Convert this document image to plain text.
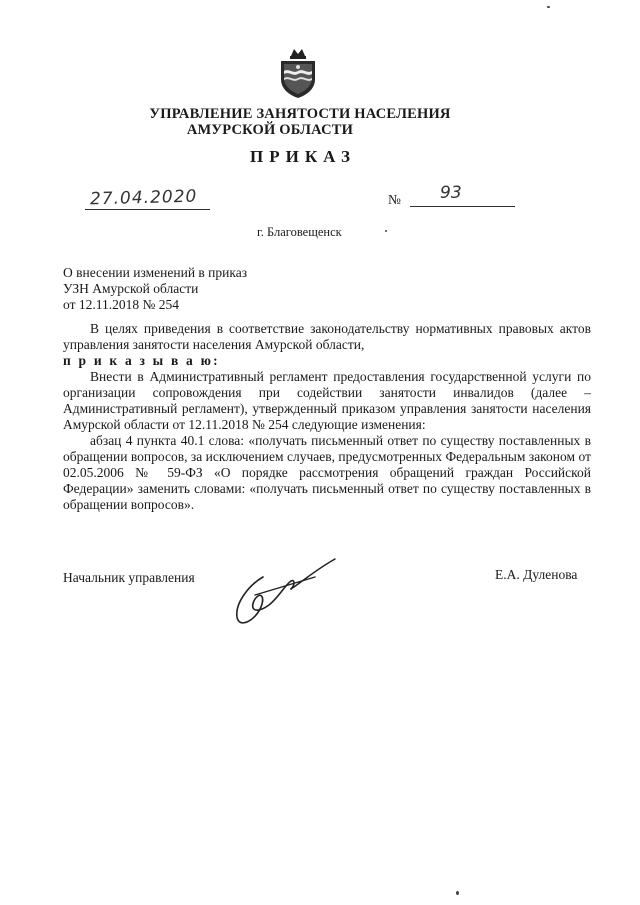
УПРАВЛЕНИЕ ЗАНЯТОСТИ НАСЕЛЕНИЯ
АМУРСКОЙ ОБЛАСТИ
ПРИКАЗ
27.04.2020	№ 93
г. Благовещенск
О внесении изменений в приказ
УЗН Амурской области
от 12.11.2018 № 254

В целях приведения в соответствие законодательству нормативных правовых актов управления занятости населения Амурской области,

п р и к а з ы в а ю:

Внести в Административный регламент предоставления государственной услуги по организации сопровождения при содействии занятости инвалидов (далее – Административный регламент), утвержденный приказом управления занятости населения Амурской области от 12.11.2018 № 254 следующие изменения:

абзац 4 пункта 40.1 слова: «получать письменный ответ по существу поставленных в обращении вопросов, за исключением случаев, предусмотренных Федеральным законом от 02.05.2006 № 59-ФЗ «О порядке рассмотрения обращений граждан Российской Федерации» заменить словами: «получать письменный ответ по существу поставленных в обращении вопросов».

Начальник управления	Е.А. Дуленова
